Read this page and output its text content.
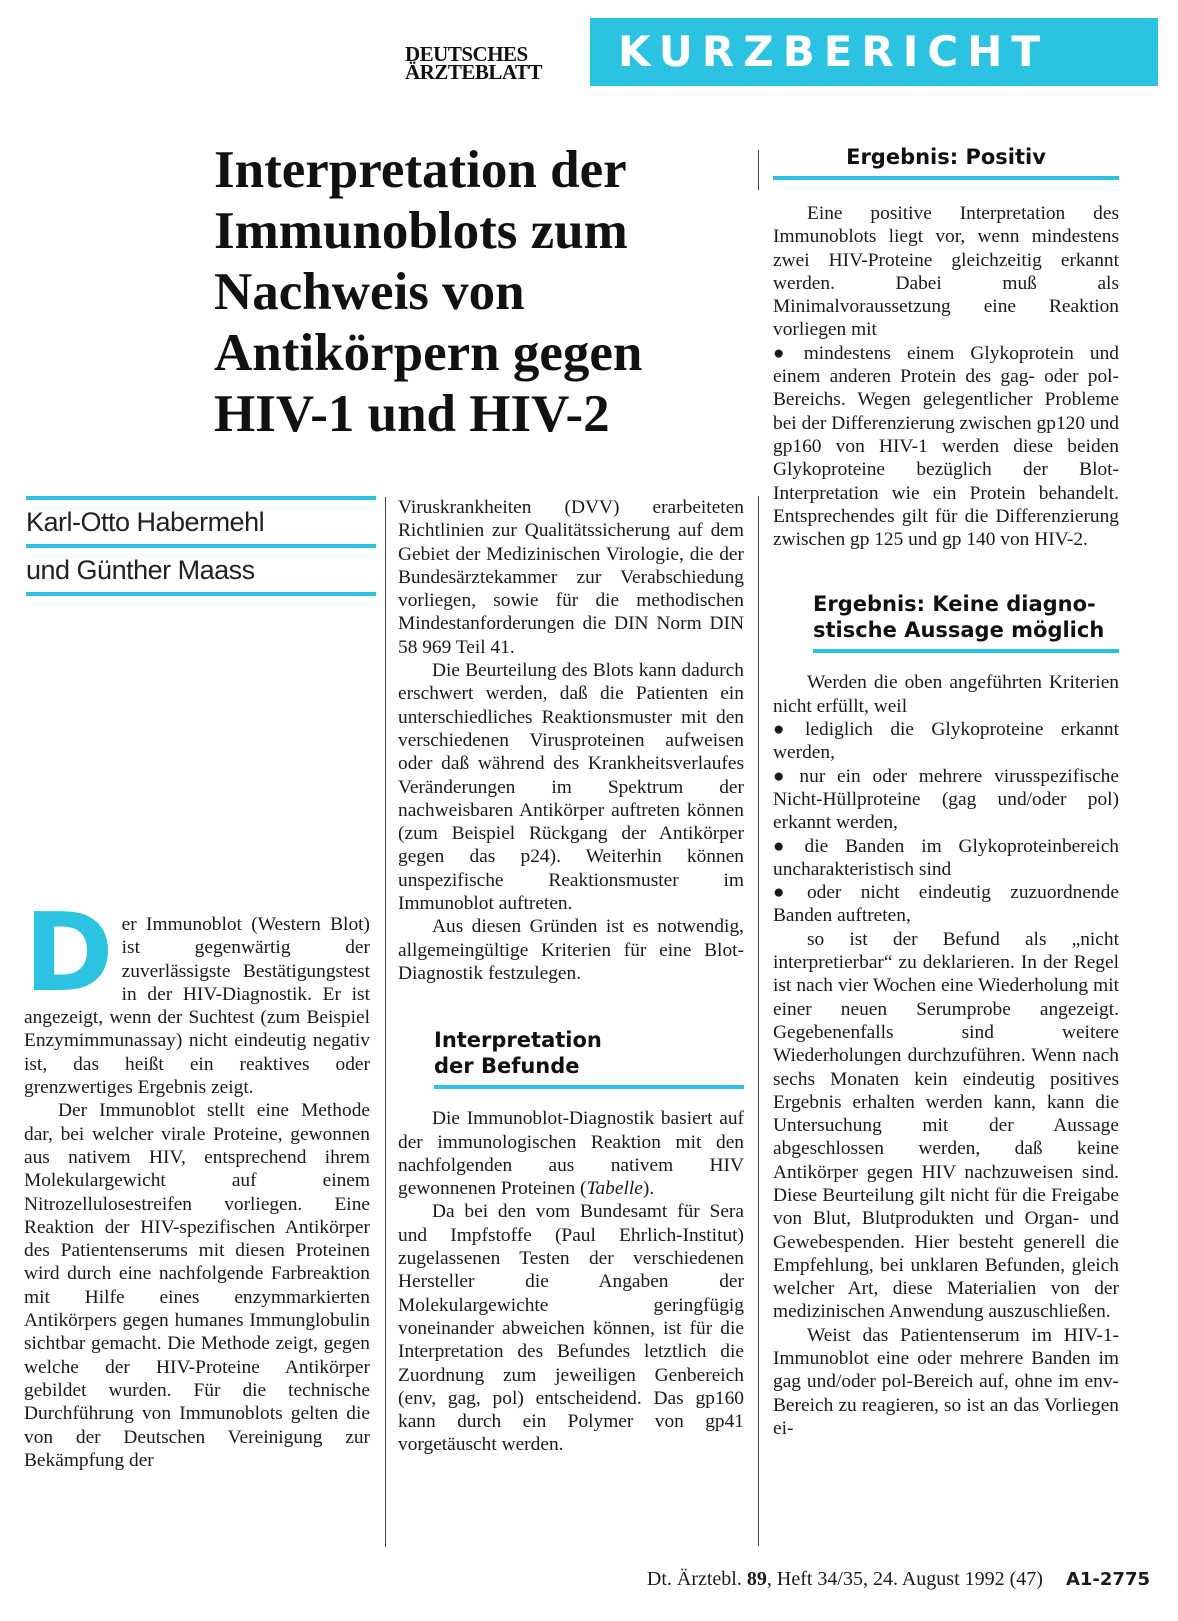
DEUTSCHES
ÄRZTEBLATT	KURZBERICHT
Interpretation der
Immunoblots zum
Nachweis von
Antikörpern gegen
HIV-1 und HIV-2
Karl-Otto Habermehl
und Günther Maass

Der Immunoblot (Western Blot) ist gegenwärtig der zuverlässigste Bestätigungstest in der HIV-Diagnostik. Er ist angezeigt, wenn der Suchtest (zum Beispiel Enzymimmunassay) nicht eindeutig negativ ist, das heißt ein reaktives oder grenzwertiges Ergebnis zeigt.

Der Immunoblot stellt eine Methode dar, bei welcher virale Proteine, gewonnen aus nativem HIV, entsprechend ihrem Molekulargewicht auf einem Nitrozellulosestreifen vorliegen. Eine Reaktion der HIV-spezifischen Antikörper des Patientenserums mit diesen Proteinen wird durch eine nachfolgende Farbreaktion mit Hilfe eines enzymmarkierten Antikörpers gegen humanes Immunglobulin sichtbar gemacht. Die Methode zeigt, gegen welche der HIV-Proteine Antikörper gebildet wurden. Für die technische Durchführung von Immunoblots gelten die von der Deutschen Vereinigung zur Bekämpfung der

Viruskrankheiten (DVV) erarbeiteten Richtlinien zur Qualitätssicherung auf dem Gebiet der Medizinischen Virologie, die der Bundesärztekammer zur Verabschiedung vorliegen, sowie für die methodischen Mindestanforderungen die DIN Norm DIN 58 969 Teil 41.

Die Beurteilung des Blots kann dadurch erschwert werden, daß die Patienten ein unterschiedliches Reaktionsmuster mit den verschiedenen Virusproteinen aufweisen oder daß während des Krankheitsverlaufes Veränderungen im Spektrum der nachweisbaren Antikörper auftreten können (zum Beispiel Rückgang der Antikörper gegen das p24). Weiterhin können unspezifische Reaktionsmuster im Immunoblot auftreten.

Aus diesen Gründen ist es notwendig, allgemeingültige Kriterien für eine Blot-Diagnostik festzulegen.

Interpretation
der Befunde

Die Immunoblot-Diagnostik basiert auf der immunologischen Reaktion mit den nachfolgenden aus nativem HIV gewonnenen Proteinen (Tabelle).

Da bei den vom Bundesamt für Sera und Impfstoffe (Paul Ehrlich-Institut) zugelassenen Testen der verschiedenen Hersteller die Angaben der Molekulargewichte geringfügig voneinander abweichen können, ist für die Interpretation des Befundes letztlich die Zuordnung zum jeweiligen Genbereich (env, gag, pol) entscheidend. Das gp160 kann durch ein Polymer von gp41 vorgetäuscht werden.

Ergebnis: Positiv

Eine positive Interpretation des Immunoblots liegt vor, wenn mindestens zwei HIV-Proteine gleichzeitig erkannt werden. Dabei muß als Minimalvoraussetzung eine Reaktion vorliegen mit

● mindestens einem Glykoprotein und einem anderen Protein des gag- oder pol-Bereichs. Wegen gelegentlicher Probleme bei der Differenzierung zwischen gp120 und gp160 von HIV-1 werden diese beiden Glykoproteine bezüglich der Blot-Interpretation wie ein Protein behandelt. Entsprechendes gilt für die Differenzierung zwischen gp 125 und gp 140 von HIV-2.

Ergebnis: Keine diagno-
stische Aussage möglich

Werden die oben angeführten Kriterien nicht erfüllt, weil

● lediglich die Glykoproteine erkannt werden,

● nur ein oder mehrere virusspezifische Nicht-Hüllproteine (gag und/oder pol) erkannt werden,

● die Banden im Glykoproteinbereich uncharakteristisch sind

● oder nicht eindeutig zuzuordnende Banden auftreten,

so ist der Befund als „nicht interpretierbar“ zu deklarieren. In der Regel ist nach vier Wochen eine Wiederholung mit einer neuen Serumprobe angezeigt. Gegebenenfalls sind weitere Wiederholungen durchzuführen. Wenn nach sechs Monaten kein eindeutig positives Ergebnis erhalten werden kann, kann die Untersuchung mit der Aussage abgeschlossen werden, daß keine Antikörper gegen HIV nachzuweisen sind. Diese Beurteilung gilt nicht für die Freigabe von Blut, Blutprodukten und Organ- und Gewebespenden. Hier besteht generell die Empfehlung, bei unklaren Befunden, gleich welcher Art, diese Materialien von der medizinischen Anwendung auszuschließen.

Weist das Patientenserum im HIV-1-Immunoblot eine oder mehrere Banden im gag und/oder pol-Bereich auf, ohne im env-Bereich zu reagieren, so ist an das Vorliegen ei-

Dt. Ärztebl. 89, Heft 34/35, 24. August 1992 (47) A1-2775
